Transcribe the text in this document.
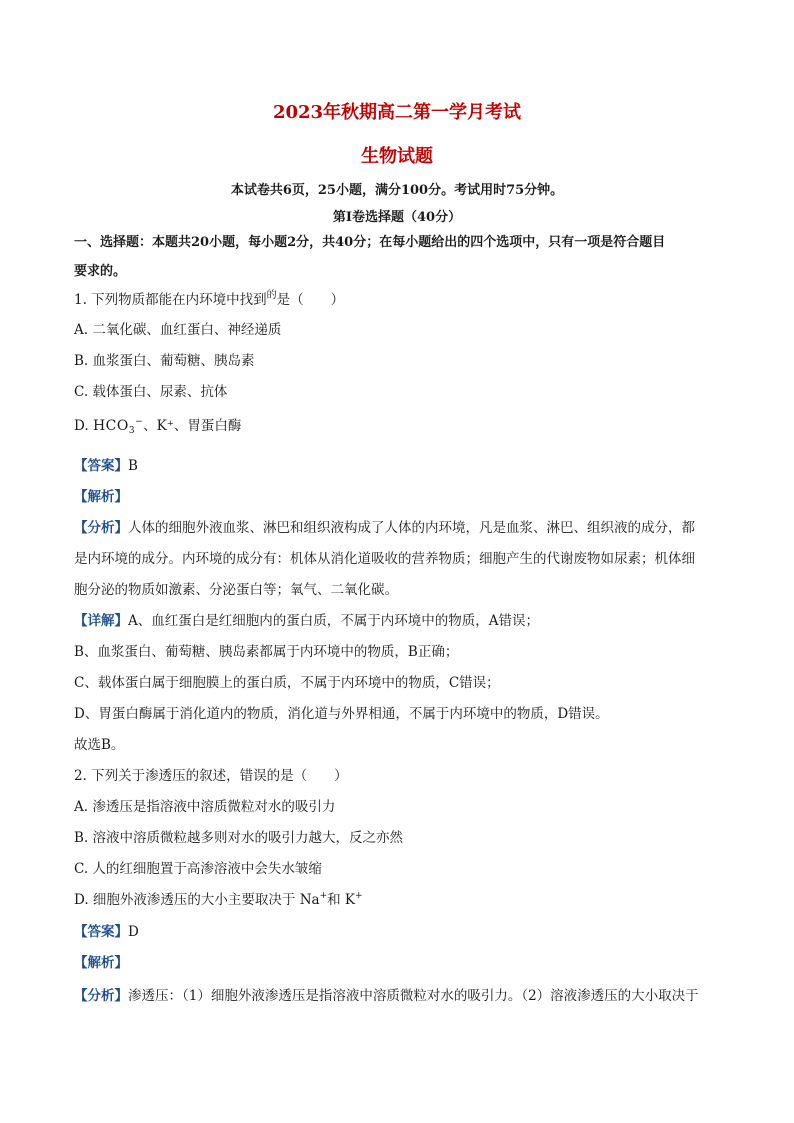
2023年秋期高二第一学月考试
生物试题
本试卷共6页，25小题，满分100分。考试用时75分钟。
第Ⅰ卷选择题（40分）
一、选择题：本题共20小题，每小题2分，共40分；在每小题给出的四个选项中，只有一项是符合题目
要求的。
1. 下列物质都能在内环境中找到$^的$是（　　）
A. 二氧化碳、血红蛋白、神经递质
B. 血浆蛋白、葡萄糖、胰岛素
C. 载体蛋白、尿素、抗体
D. $HCO_3^-$、K⁺、胃蛋白酶
【答案】B
【解析】
【分析】人体的细胞外液血浆、淋巴和组织液构成了人体的内环境，凡是血浆、淋巴、组织液的成分，都
是内环境的成分。内环境的成分有：机体从消化道吸收的营养物质；细胞产生的代谢废物如尿素；机体细
胞分泌的物质如激素、分泌蛋白等；氧气、二氧化碳。
【详解】A、血红蛋白是红细胞内的蛋白质，不属于内环境中的物质，A错误；
B、血浆蛋白、葡萄糖、胰岛素都属于内环境中的物质，B正确；
C、载体蛋白属于细胞膜上的蛋白质，不属于内环境中的物质，C错误；
D、胃蛋白酶属于消化道内的物质，消化道与外界相通，不属于内环境中的物质，D错误。
故选B。
2. 下列关于渗透压的叙述，错误的是（　　）
A. 渗透压是指溶液中溶质微粒对水的吸引力
B. 溶液中溶质微粒越多则对水的吸引力越大，反之亦然
C. 人的红细胞置于高渗溶液中会失水皱缩
D. 细胞外液渗透压的大小主要取决于 Na+和 K+
【答案】D
【解析】
【分析】渗透压：（1）细胞外液渗透压是指溶液中溶质微粒对水的吸引力。（2）溶液渗透压的大小取决于
